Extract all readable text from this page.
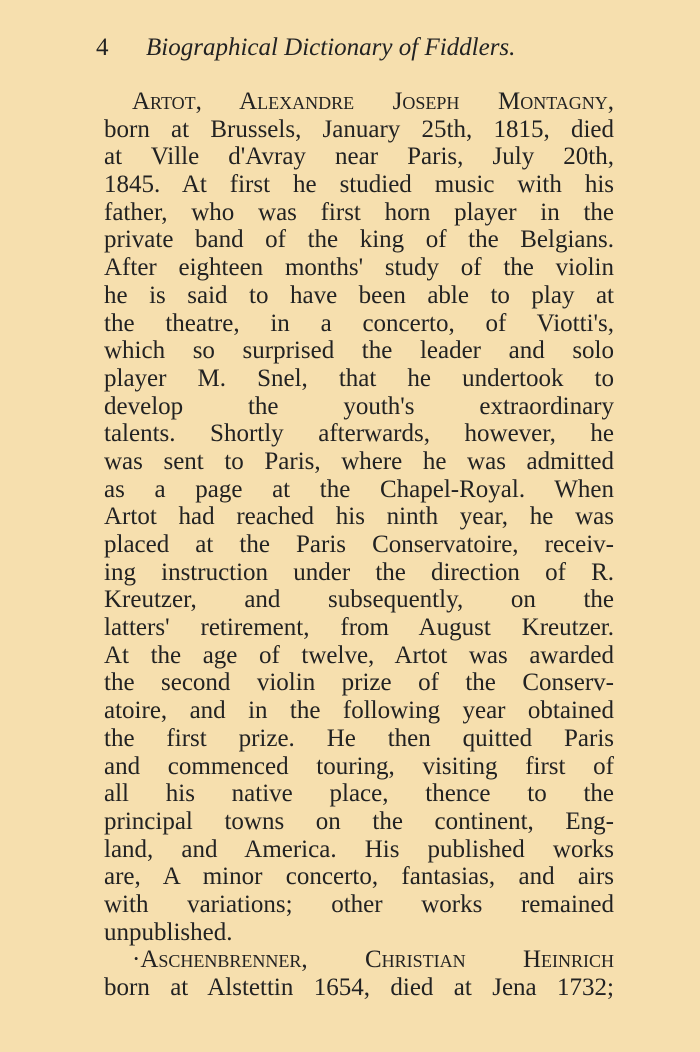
4 Biographical Dictionary of Fiddlers.
Artot, Alexandre Joseph Montagny,
born at Brussels, January 25th, 1815, died
at Ville d'Avray near Paris, July 20th,
1845. At first he studied music with his
father, who was first horn player in the
private band of the king of the Belgians.
After eighteen months' study of the violin
he is said to have been able to play at
the theatre, in a concerto, of Viotti's,
which so surprised the leader and solo
player M. Snel, that he undertook to
develop the youth's extraordinary
talents. Shortly afterwards, however, he
was sent to Paris, where he was admitted
as a page at the Chapel-Royal. When
Artot had reached his ninth year, he was
placed at the Paris Conservatoire, receiv-
ing instruction under the direction of R.
Kreutzer, and subsequently, on the
latters' retirement, from August Kreutzer.
At the age of twelve, Artot was awarded
the second violin prize of the Conserv-
atoire, and in the following year obtained
the first prize. He then quitted Paris
and commenced touring, visiting first of
all his native place, thence to the
principal towns on the continent, Eng-
land, and America. His published works
are, A minor concerto, fantasias, and airs
with variations; other works remained
unpublished.
·Aschenbrenner, Christian Heinrich
born at Alstettin 1654, died at Jena 1732;
